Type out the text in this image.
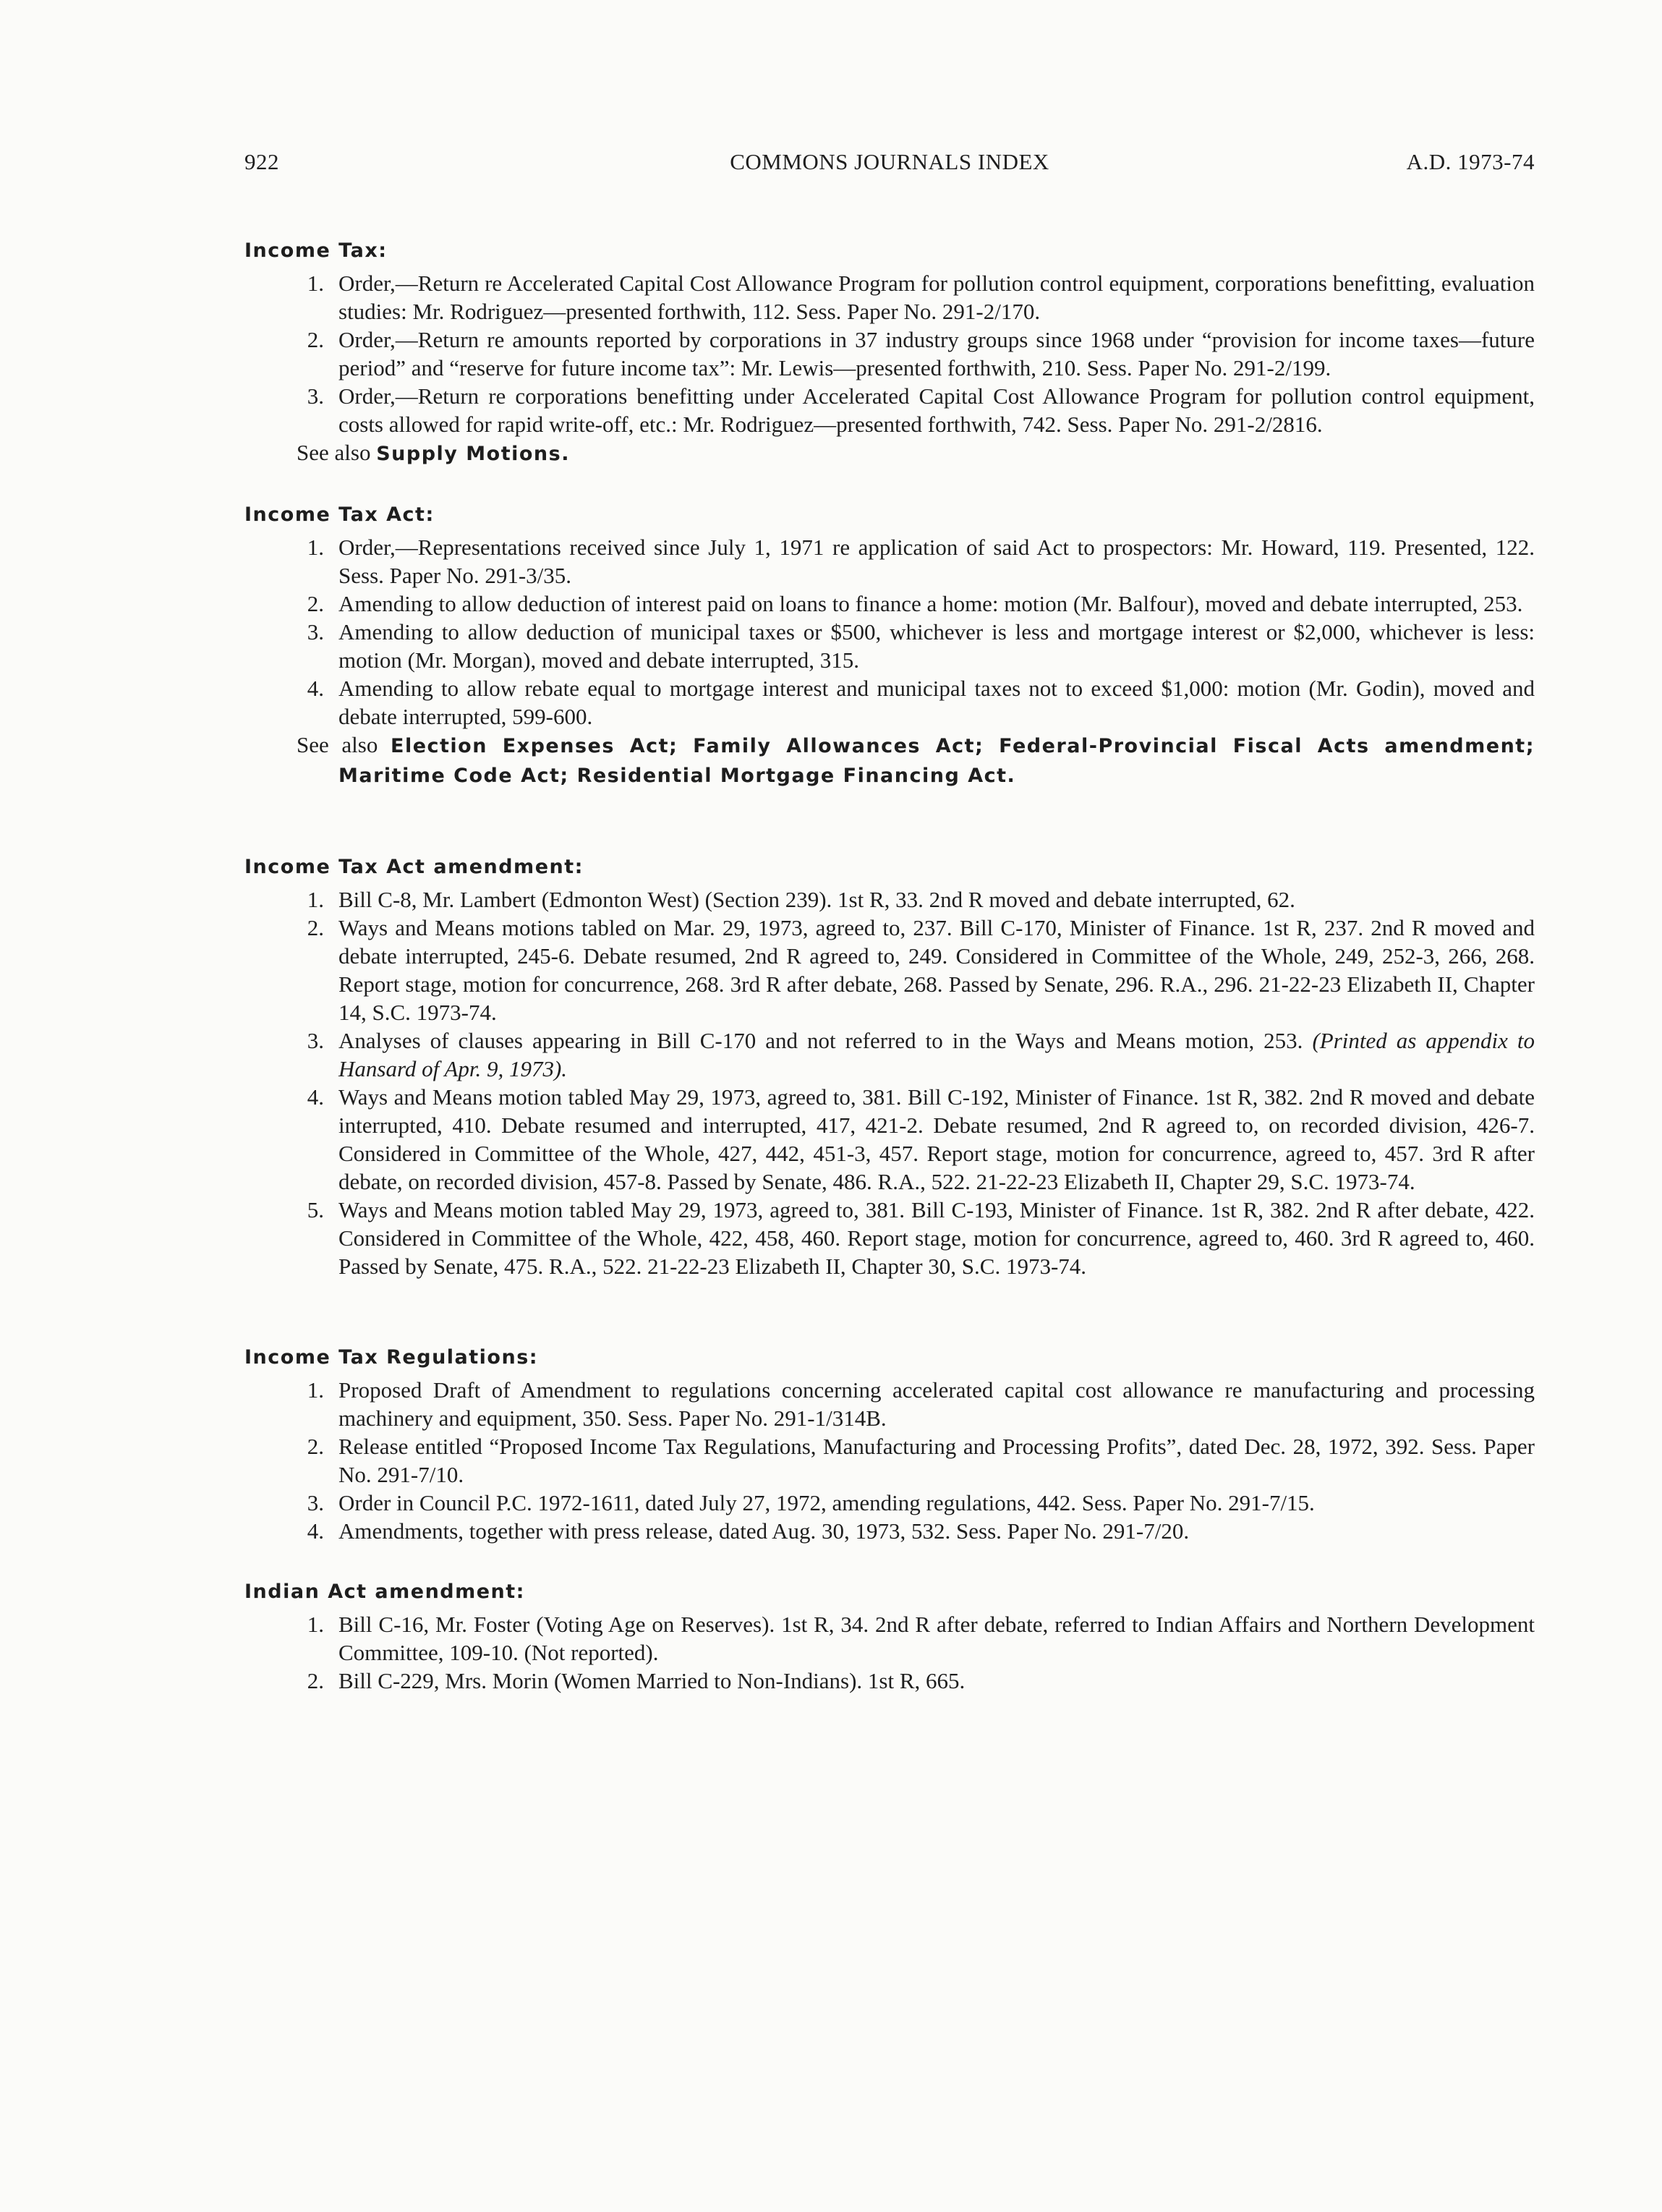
922	COMMONS JOURNALS INDEX	A.D. 1973-74
Income Tax:
1. Order,—Return re Accelerated Capital Cost Allowance Program for pollution control equipment, corporations benefitting, evaluation studies: Mr. Rodriguez—presented forthwith, 112. Sess. Paper No. 291-2/170.
2. Order,—Return re amounts reported by corporations in 37 industry groups since 1968 under “provision for income taxes—future period” and “reserve for future income tax”: Mr. Lewis—presented forthwith, 210. Sess. Paper No. 291-2/199.
3. Order,—Return re corporations benefitting under Accelerated Capital Cost Allowance Program for pollution control equipment, costs allowed for rapid write-off, etc.: Mr. Rodriguez—presented forthwith, 742. Sess. Paper No. 291-2/2816.
See also Supply Motions.
Income Tax Act:
1. Order,—Representations received since July 1, 1971 re application of said Act to prospectors: Mr. Howard, 119. Presented, 122. Sess. Paper No. 291-3/35.
2. Amending to allow deduction of interest paid on loans to finance a home: motion (Mr. Balfour), moved and debate interrupted, 253.
3. Amending to allow deduction of municipal taxes or $500, whichever is less and mortgage interest or $2,000, whichever is less: motion (Mr. Morgan), moved and debate interrupted, 315.
4. Amending to allow rebate equal to mortgage interest and municipal taxes not to exceed $1,000: motion (Mr. Godin), moved and debate interrupted, 599-600.
See also Election Expenses Act; Family Allowances Act; Federal-Provincial Fiscal Acts amendment; Maritime Code Act; Residential Mortgage Financing Act.
Income Tax Act amendment:
1. Bill C-8, Mr. Lambert (Edmonton West) (Section 239). 1st R, 33. 2nd R moved and debate interrupted, 62.
2. Ways and Means motions tabled on Mar. 29, 1973, agreed to, 237. Bill C-170, Minister of Finance. 1st R, 237. 2nd R moved and debate interrupted, 245-6. Debate resumed, 2nd R agreed to, 249. Considered in Committee of the Whole, 249, 252-3, 266, 268. Report stage, motion for concurrence, 268. 3rd R after debate, 268. Passed by Senate, 296. R.A., 296. 21-22-23 Elizabeth II, Chapter 14, S.C. 1973-74.
3. Analyses of clauses appearing in Bill C-170 and not referred to in the Ways and Means motion, 253. (Printed as appendix to Hansard of Apr. 9, 1973).
4. Ways and Means motion tabled May 29, 1973, agreed to, 381. Bill C-192, Minister of Finance. 1st R, 382. 2nd R moved and debate interrupted, 410. Debate resumed and interrupted, 417, 421-2. Debate resumed, 2nd R agreed to, on recorded division, 426-7. Considered in Committee of the Whole, 427, 442, 451-3, 457. Report stage, motion for concurrence, agreed to, 457. 3rd R after debate, on recorded division, 457-8. Passed by Senate, 486. R.A., 522. 21-22-23 Elizabeth II, Chapter 29, S.C. 1973-74.
5. Ways and Means motion tabled May 29, 1973, agreed to, 381. Bill C-193, Minister of Finance. 1st R, 382. 2nd R after debate, 422. Considered in Committee of the Whole, 422, 458, 460. Report stage, motion for concurrence, agreed to, 460. 3rd R agreed to, 460. Passed by Senate, 475. R.A., 522. 21-22-23 Elizabeth II, Chapter 30, S.C. 1973-74.
Income Tax Regulations:
1. Proposed Draft of Amendment to regulations concerning accelerated capital cost allowance re manufacturing and processing machinery and equipment, 350. Sess. Paper No. 291-1/314B.
2. Release entitled “Proposed Income Tax Regulations, Manufacturing and Processing Profits”, dated Dec. 28, 1972, 392. Sess. Paper No. 291-7/10.
3. Order in Council P.C. 1972-1611, dated July 27, 1972, amending regulations, 442. Sess. Paper No. 291-7/15.
4. Amendments, together with press release, dated Aug. 30, 1973, 532. Sess. Paper No. 291-7/20.
Indian Act amendment:
1. Bill C-16, Mr. Foster (Voting Age on Reserves). 1st R, 34. 2nd R after debate, referred to Indian Affairs and Northern Development Committee, 109-10. (Not reported).
2. Bill C-229, Mrs. Morin (Women Married to Non-Indians). 1st R, 665.
